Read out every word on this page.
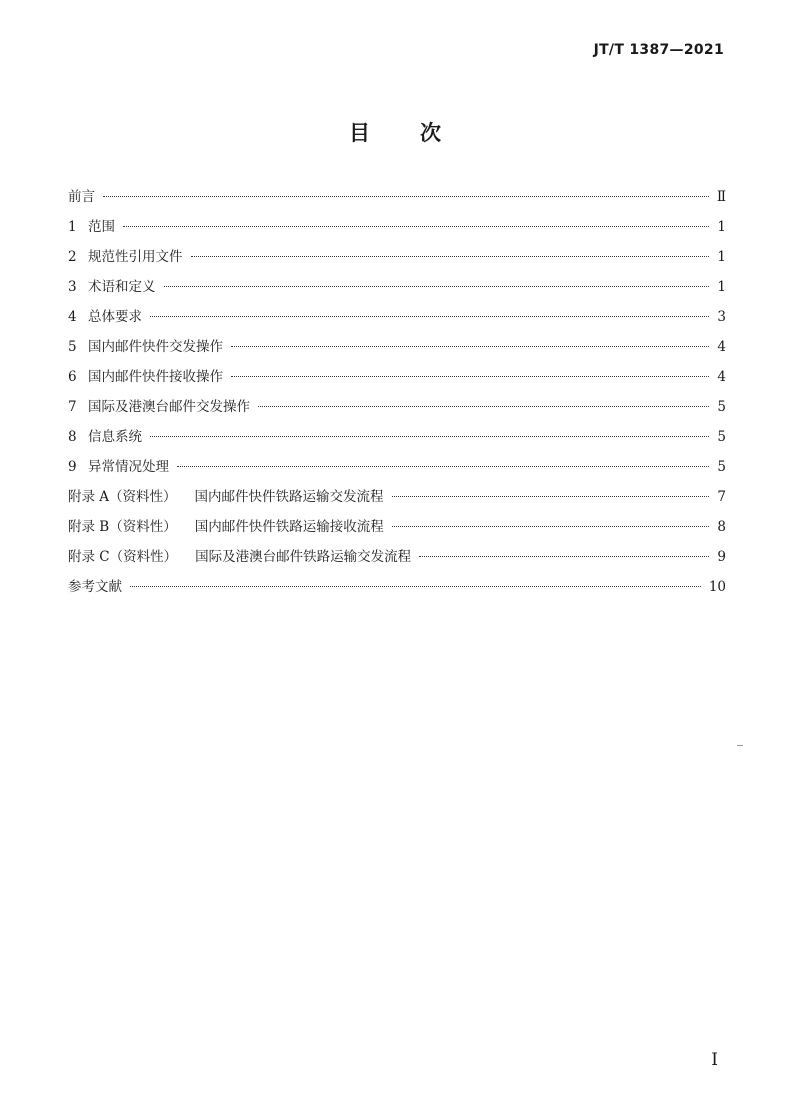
JT/T 1387—2021
目次
前言	Ⅱ
1 范围	1
2 规范性引用文件	1
3 术语和定义	1
4 总体要求	3
5 国内邮件快件交发操作	4
6 国内邮件快件接收操作	4
7 国际及港澳台邮件交发操作	5
8 信息系统	5
9 异常情况处理	5
附录 A（资料性） 国内邮件快件铁路运输交发流程	7
附录 B（资料性） 国内邮件快件铁路运输接收流程	8
附录 C（资料性） 国际及港澳台邮件铁路运输交发流程	9
参考文献	10
I
